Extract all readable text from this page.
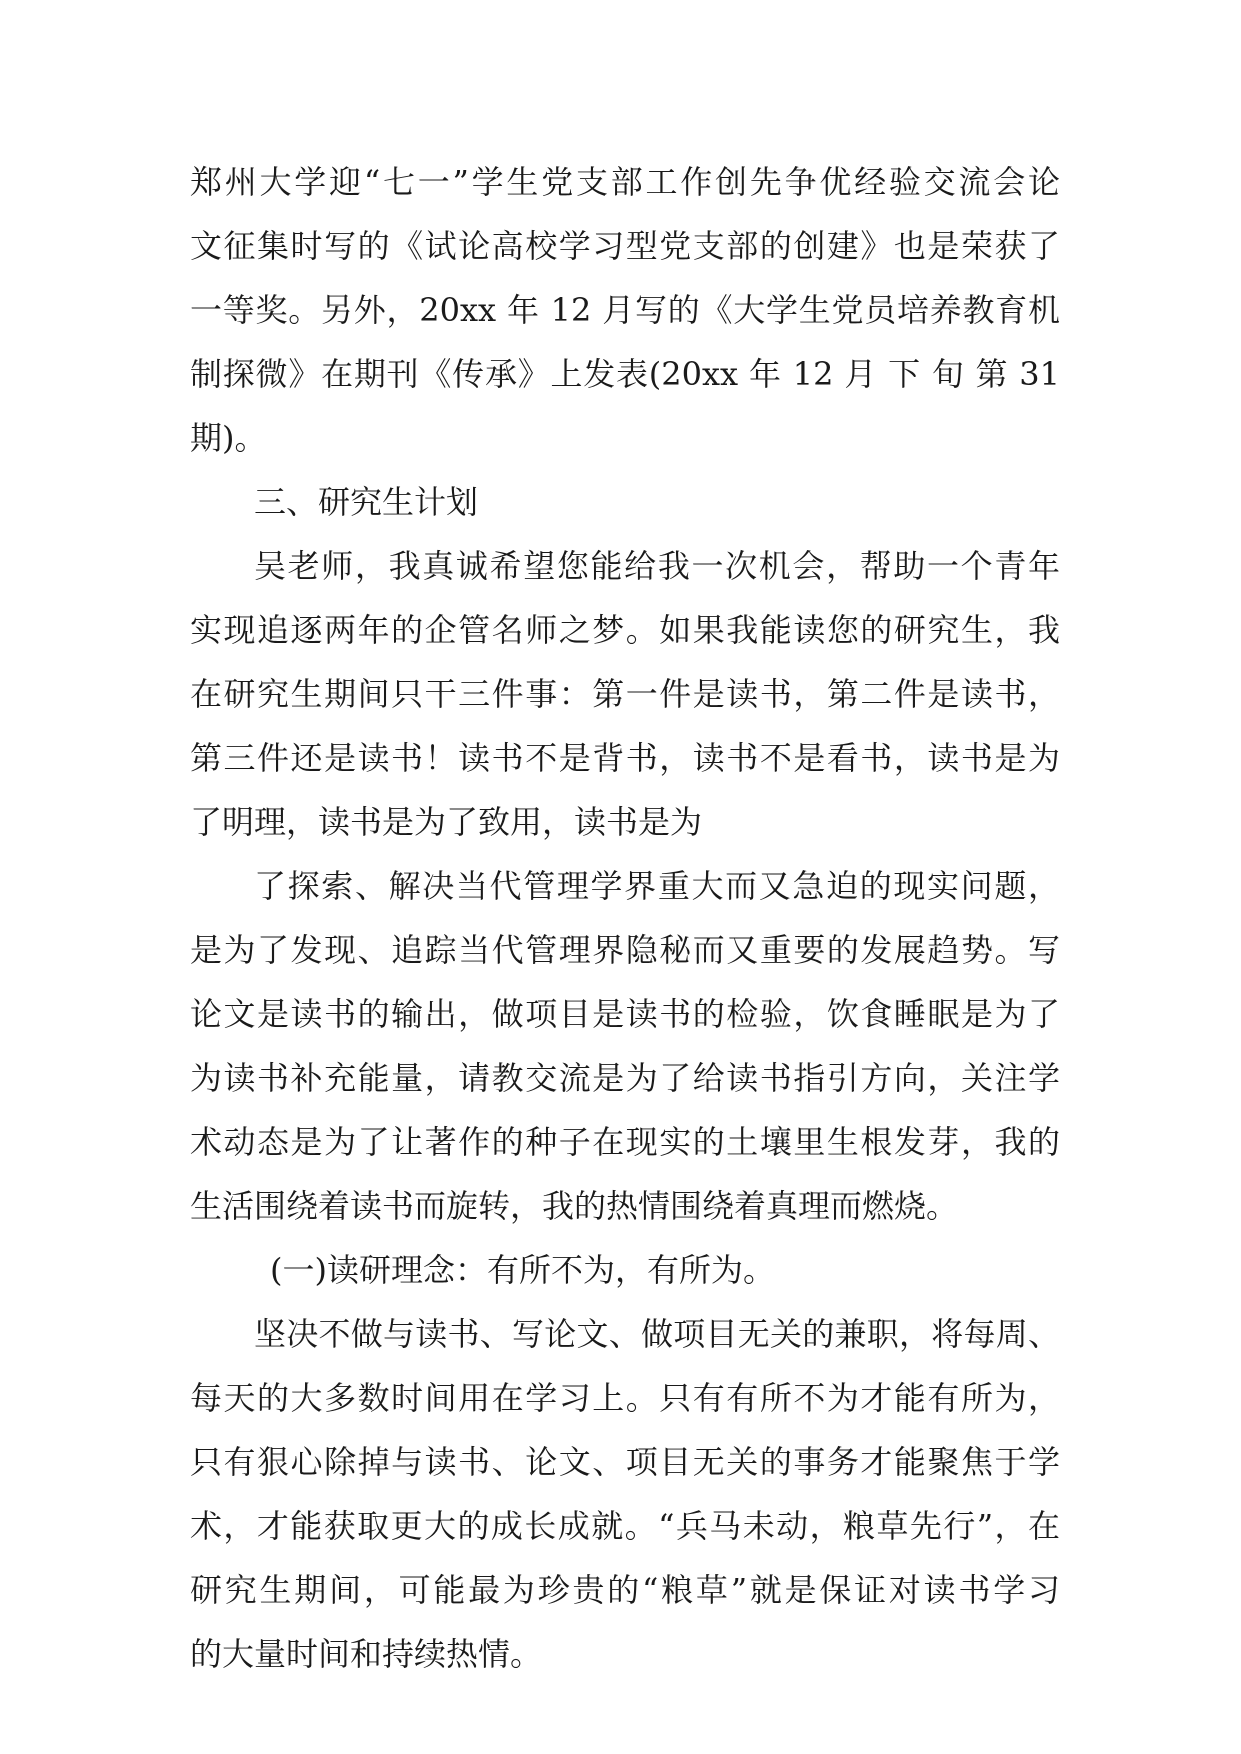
郑州大学迎“七一”学生党支部工作创先争优经验交流会论
文征集时写的《试论高校学习型党支部的创建》也是荣获了
一等奖。另外，20xx 年 12 月写的《大学生党员培养教育机
制探微》在期刊《传承》上发表(20xx 年 12 月 下 旬 第 31
期)。
三、研究生计划
吴老师，我真诚希望您能给我一次机会，帮助一个青年
实现追逐两年的企管名师之梦。如果我能读您的研究生，我
在研究生期间只干三件事：第一件是读书，第二件是读书，
第三件还是读书！读书不是背书，读书不是看书，读书是为
了明理，读书是为了致用，读书是为
了探索、解决当代管理学界重大而又急迫的现实问题，
是为了发现、追踪当代管理界隐秘而又重要的发展趋势。写
论文是读书的输出，做项目是读书的检验，饮食睡眠是为了
为读书补充能量，请教交流是为了给读书指引方向，关注学
术动态是为了让著作的种子在现实的土壤里生根发芽，我的
生活围绕着读书而旋转，我的热情围绕着真理而燃烧。
(一)读研理念：有所不为，有所为。
坚决不做与读书、写论文、做项目无关的兼职，将每周、
每天的大多数时间用在学习上。只有有所不为才能有所为，
只有狠心除掉与读书、论文、项目无关的事务才能聚焦于学
术，才能获取更大的成长成就。“兵马未动，粮草先行”，在
研究生期间，可能最为珍贵的“粮草”就是保证对读书学习
的大量时间和持续热情。
